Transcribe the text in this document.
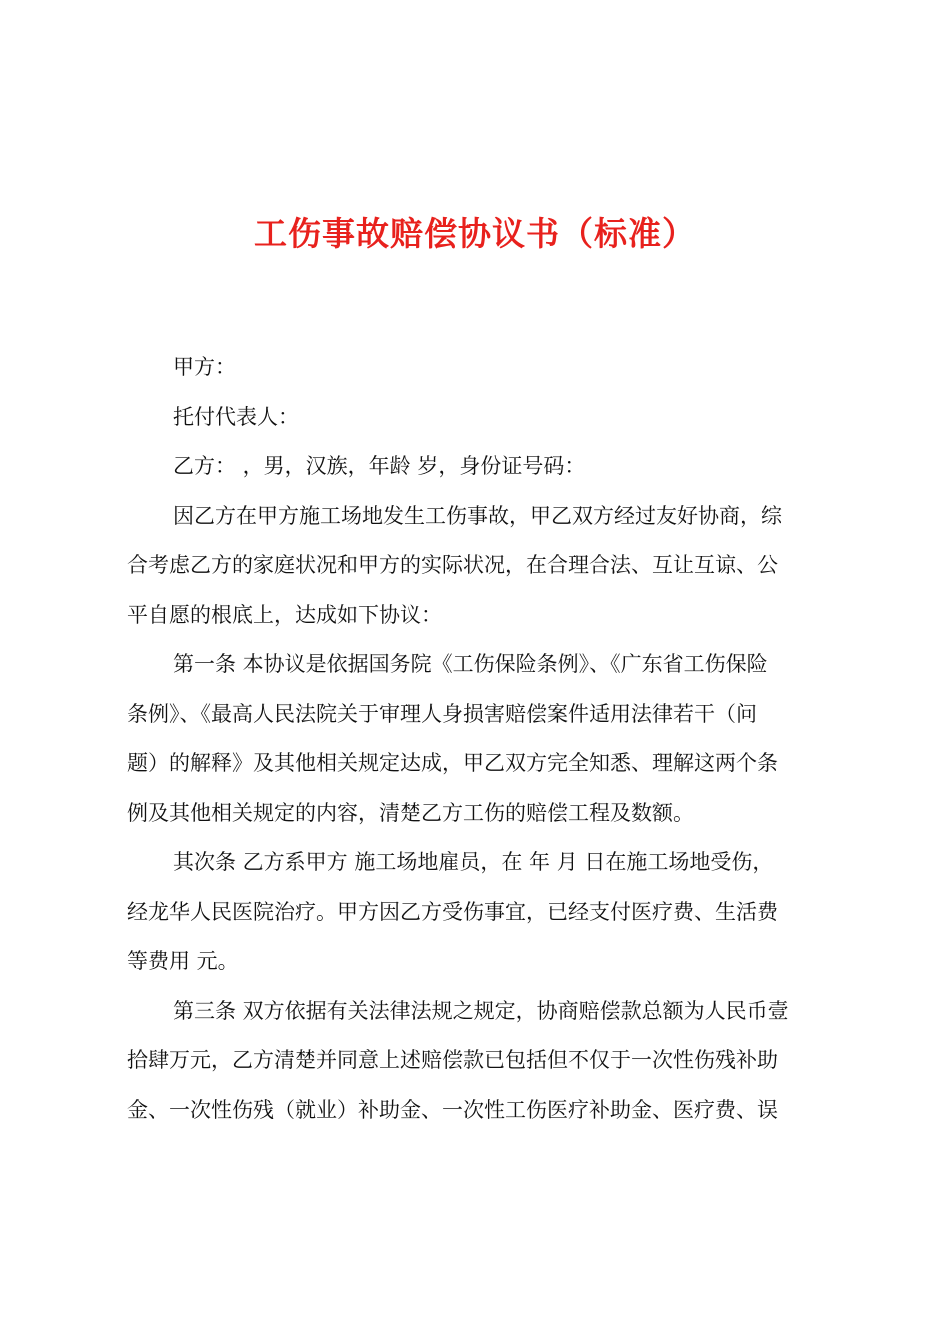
工伤事故赔偿协议书（标准）
甲方：
托付代表人：
乙方： ，男，汉族，年龄 岁，身份证号码：
因乙方在甲方施工场地发生工伤事故，甲乙双方经过友好协商，综
合考虑乙方的家庭状况和甲方的实际状况，在合理合法、互让互谅、公
平自愿的根底上，达成如下协议：
第一条 本协议是依据国务院《工伤保险条例》、《广东省工伤保险
条例》、《最高人民法院关于审理人身损害赔偿案件适用法律若干（问
题）的解释》及其他相关规定达成，甲乙双方完全知悉、理解这两个条
例及其他相关规定的内容，清楚乙方工伤的赔偿工程及数额。
其次条 乙方系甲方 施工场地雇员，在 年 月 日在施工场地受伤，
经龙华人民医院治疗。甲方因乙方受伤事宜，已经支付医疗费、生活费
等费用 元。
第三条 双方依据有关法律法规之规定，协商赔偿款总额为人民币壹
拾肆万元，乙方清楚并同意上述赔偿款已包括但不仅于一次性伤残补助
金、一次性伤残（就业）补助金、一次性工伤医疗补助金、医疗费、误
